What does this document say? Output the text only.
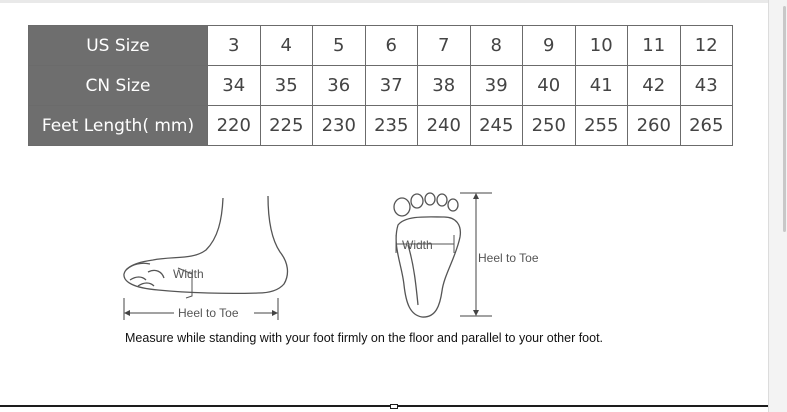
US Size	3	4	5	6	7	8	9	10	11	12
CN Size	34	35	36	37	38	39	40	41	42	43
Feet Length( mm)	220	225	230	235	240	245	250	255	260	265
Width
Heel to Toe
Width
Heel to Toe
Measure while standing with your foot firmly on the floor and parallel to your other foot.
